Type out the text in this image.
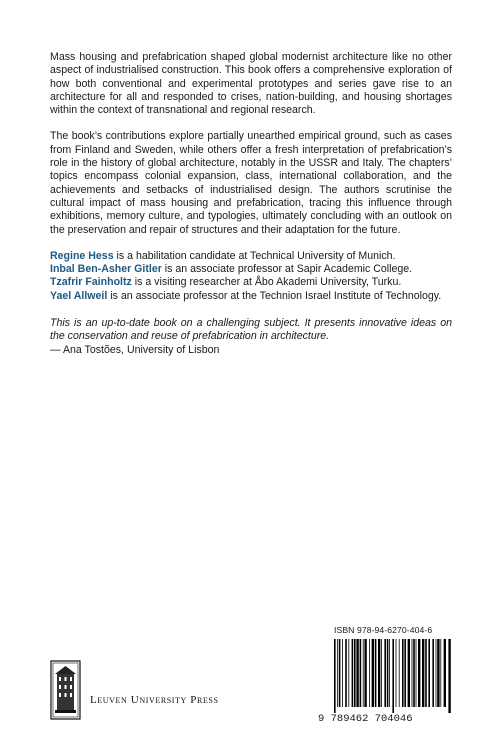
Mass housing and prefabrication shaped global modernist architecture like no other aspect of industrialised construction. This book offers a comprehensive exploration of how both conventional and experimental prototypes and series gave rise to an architecture for all and responded to crises, nation-building, and housing shortages within the context of transnational and regional research.

The book’s contributions explore partially unearthed empirical ground, such as cases from Finland and Sweden, while others offer a fresh interpretation of prefabrication’s role in the history of global architecture, notably in the USSR and Italy. The chapters’ topics encompass colonial expansion, class, international collaboration, and the achievements and setbacks of industrialised design. The authors scrutinise the cultural impact of mass housing and prefabrication, tracing this influence through exhibitions, memory culture, and typologies, ultimately concluding with an outlook on the preservation and repair of structures and their adaptation for the future.

Regine Hess is a habilitation candidate at Technical University of Munich.

Inbal Ben-Asher Gitler is an associate professor at Sapir Academic College.

Tzafrir Fainholtz is a visiting researcher at Åbo Akademi University, Turku.

Yael Allweil is an associate professor at the Technion Israel Institute of Technology.

This is an up-to-date book on a challenging subject. It presents innovative ideas on the conservation and reuse of prefabrication in architecture.

— Ana Tostões, University of Lisbon

ISBN 978-94-6270-404-6
9 789462 704046
Leuven University Press
